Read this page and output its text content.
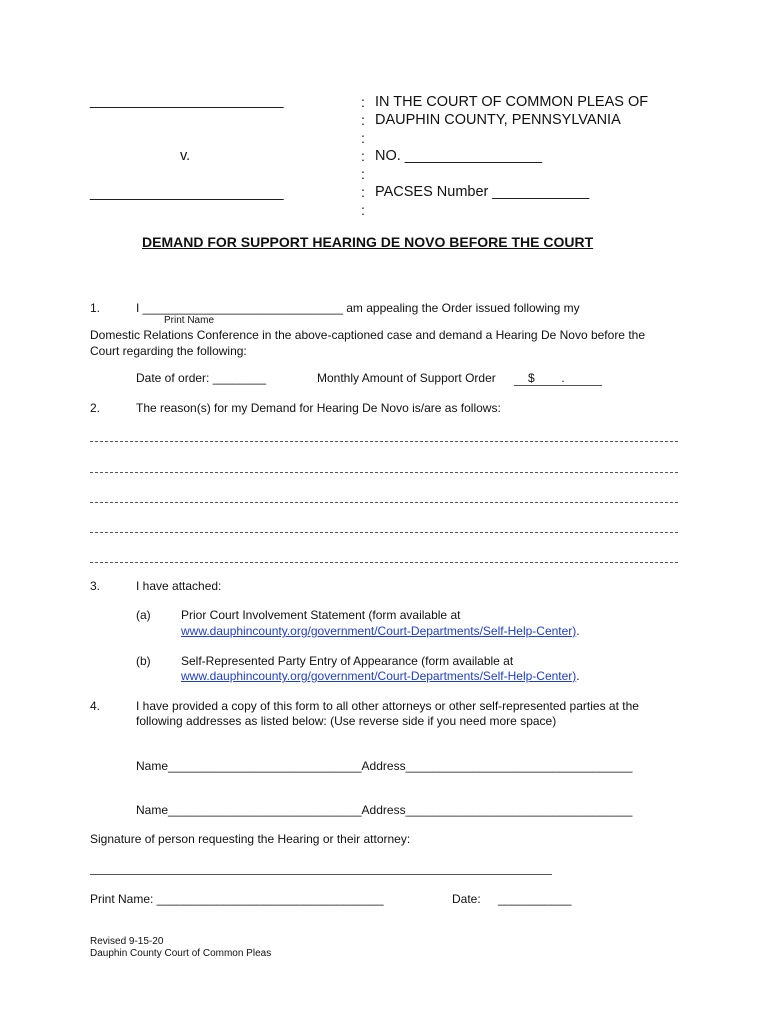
________________________
v.
________________________
:
:
:
:
:
:
:
IN THE COURT OF COMMON PLEAS OF
DAUPHIN COUNTY, PENNSYLVANIA
NO. _________________
PACSES Number ____________
DEMAND FOR SUPPORT HEARING DE NOVO BEFORE THE COURT
1.	I ______________________________ am appealing the Order issued following my
Print Name
Domestic Relations Conference in the above-captioned case and demand a Hearing De Novo before the
Court regarding the following:
Date of order: ________	Monthly Amount of Support Order	$        .
2.	The reason(s) for my Demand for Hearing De Novo is/are as follows:
3.	I have attached:
(a)	Prior Court Involvement Statement (form available at
www.dauphincounty.org/government/Court-Departments/Self-Help-Center).
(b)	Self-Represented Party Entry of Appearance (form available at
www.dauphincounty.org/government/Court-Departments/Self-Help-Center).
4.	I have provided a copy of this form to all other attorneys or other self-represented parties at the
following addresses as listed below: (Use reverse side if you need more space)
Name_____________________________Address__________________________________
Name_____________________________Address__________________________________
Signature of person requesting the Hearing or their attorney:
Print Name: __________________________________	Date: ___________
Revised 9-15-20
Dauphin County Court of Common Pleas
